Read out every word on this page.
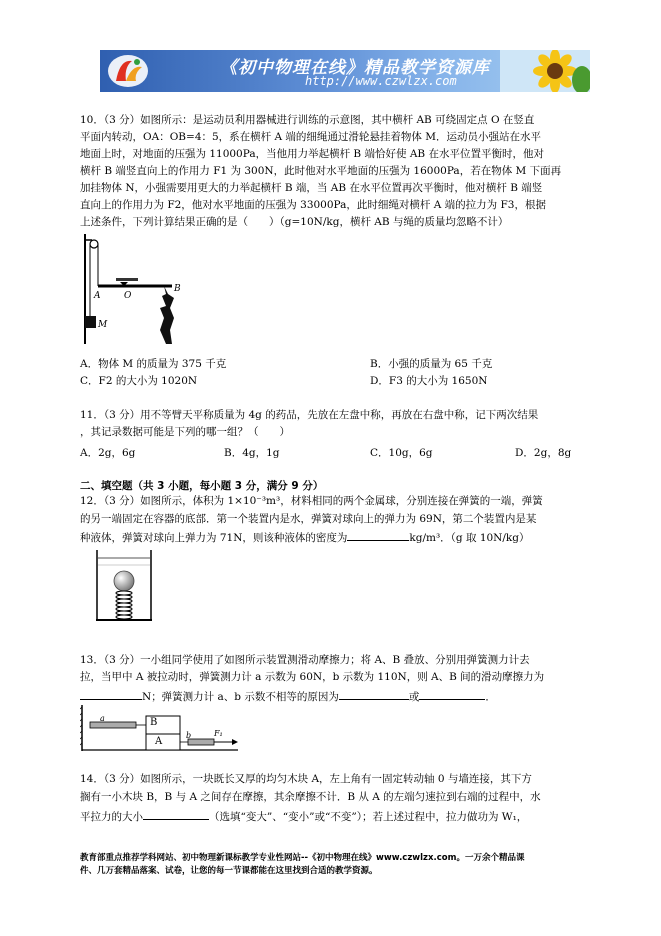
《初中物理在线》精品教学资源库
http://www.czwlzx.com
10．（3 分）如图所示：是运动员利用器械进行训练的示意图，其中横杆 AB 可绕固定点 O 在竖直
平面内转动，OA：OB=4：5，系在横杆 A 端的细绳通过滑轮悬挂着物体 M．运动员小强站在水平
地面上时，对地面的压强为 11000Pa，当他用力举起横杆 B 端恰好使 AB 在水平位置平衡时，他对
横杆 B 端竖直向上的作用力 F1 为 300N，此时他对水平地面的压强为 16000Pa，若在物体 M 下面再
加挂物体 N，小强需要用更大的力举起横杆 B 端，当 AB 在水平位置再次平衡时，他对横杆 B 端竖
直向上的作用力为 F2，他对水平地面的压强为 33000Pa，此时细绳对横杆 A 端的拉力为 F3，根据
上述条件，下列计算结果正确的是（　　）（g=10N/kg，横杆 AB 与绳的质量均忽略不计）
A	O
B
M
A．物体 M 的质量为 375 千克	B．小强的质量为 65 千克
C．F2 的大小为 1020N	D．F3 的大小为 1650N
11．（3 分）用不等臂天平称质量为 4g 的药品，先放在左盘中称，再放在右盘中称，记下两次结果
，其记录数据可能是下列的哪一组？（　　）
A．2g，6g	B．4g，1g	C．10g，6g	D．2g，8g
二、填空题（共 3 小题，每小题 3 分，满分 9 分）
12．（3 分）如图所示，体积为 1×10⁻³m³，材料相同的两个金属球，分别连接在弹簧的一端，弹簧
的另一端固定在容器的底部．第一个装置内是水，弹簧对球向上的弹力为 69N，第二个装置内是某
种液体，弹簧对球向上弹力为 71N，则该种液体的密度为	kg/m³．（g 取 10N/kg）
13．（3 分）一小组同学使用了如图所示装置测滑动摩擦力；将 A、B 叠放、分别用弹簧测力计去
拉，当甲中 A 被拉动时，弹簧测力计 a 示数为 60N，b 示数为 110N，则 A、B 间的滑动摩擦力为
N；弹簧测力计 a、b 示数不相等的原因为	或	．
a	B
A
b	F₁
14．（3 分）如图所示，一块既长又厚的均匀木块 A，左上角有一固定转动轴 0 与墙连接，其下方
搁有一小木块 B，B 与 A 之间存在摩擦，其余摩擦不计．B 从 A 的左端匀速拉到右端的过程中，水
平拉力的大小	（选填“变大”、“变小”或“不变”）；若上述过程中，拉力做功为 W₁，
教育部重点推荐学科网站、初中物理新课标教学专业性网站--《初中物理在线》www.czwlzx.com。一万余个精品课
件、几万套精品落案、试卷，让您的每一节课都能在这里找到合适的教学资源。
